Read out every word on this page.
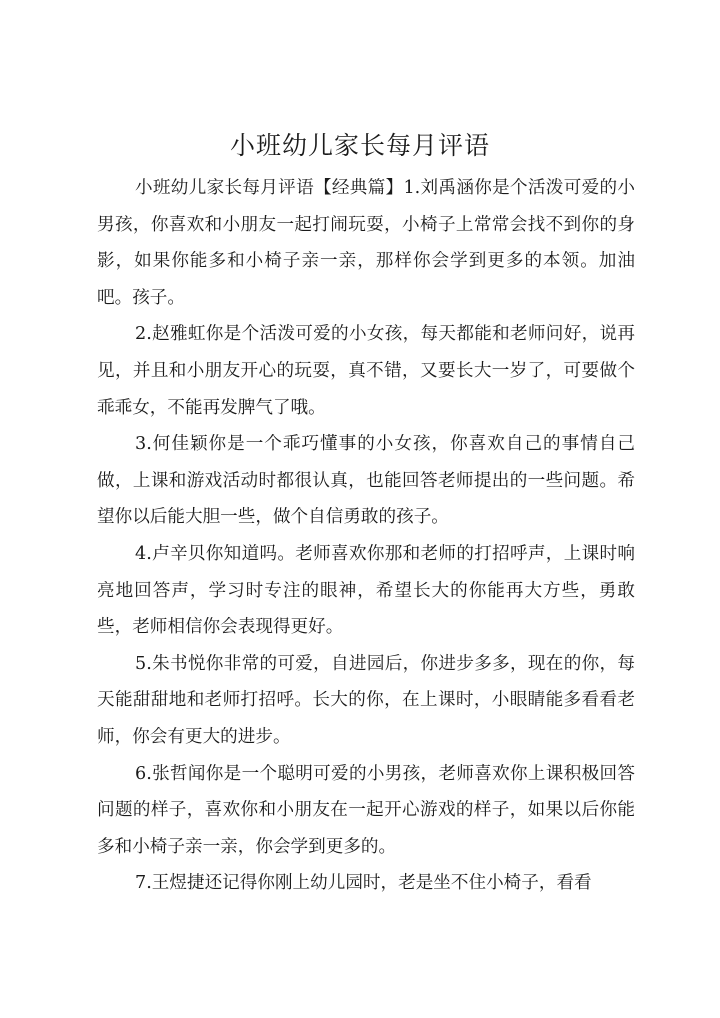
小班幼儿家长每月评语

小班幼儿家长每月评语【经典篇】1.刘禹涵你是个活泼可爱的小男孩，你喜欢和小朋友一起打闹玩耍，小椅子上常常会找不到你的身影，如果你能多和小椅子亲一亲，那样你会学到更多的本领。加油吧。孩子。

2.赵雅虹你是个活泼可爱的小女孩，每天都能和老师问好，说再见，并且和小朋友开心的玩耍，真不错，又要长大一岁了，可要做个乖乖女，不能再发脾气了哦。

3.何佳颖你是一个乖巧懂事的小女孩，你喜欢自己的事情自己做，上课和游戏活动时都很认真，也能回答老师提出的一些问题。希望你以后能大胆一些，做个自信勇敢的孩子。

4.卢辛贝你知道吗。老师喜欢你那和老师的打招呼声，上课时响亮地回答声，学习时专注的眼神，希望长大的你能再大方些，勇敢些，老师相信你会表现得更好。

5.朱书悦你非常的可爱，自进园后，你进步多多，现在的你，每天能甜甜地和老师打招呼。长大的你，在上课时，小眼睛能多看看老师，你会有更大的进步。

6.张哲闻你是一个聪明可爱的小男孩，老师喜欢你上课积极回答问题的样子，喜欢你和小朋友在一起开心游戏的样子，如果以后你能多和小椅子亲一亲，你会学到更多的。

7.王煜捷还记得你刚上幼儿园时，老是坐不住小椅子，看看
